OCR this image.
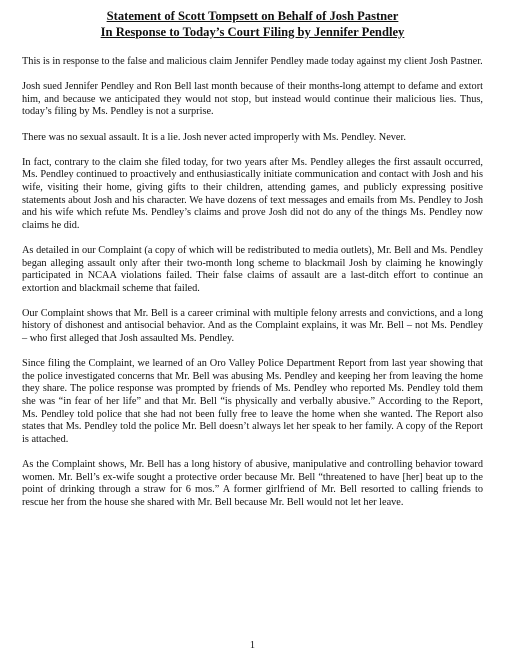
Statement of Scott Tompsett on Behalf of Josh Pastner
In Response to Today’s Court Filing by Jennifer Pendley

This is in response to the false and malicious claim Jennifer Pendley made today against my client Josh Pastner.

Josh sued Jennifer Pendley and Ron Bell last month because of their months-long attempt to defame and extort him, and because we anticipated they would not stop, but instead would continue their malicious lies. Thus, today’s filing by Ms. Pendley is not a surprise.

There was no sexual assault. It is a lie. Josh never acted improperly with Ms. Pendley. Never.

In fact, contrary to the claim she filed today, for two years after Ms. Pendley alleges the first assault occurred, Ms. Pendley continued to proactively and enthusiastically initiate communication and contact with Josh and his wife, visiting their home, giving gifts to their children, attending games, and publicly expressing positive statements about Josh and his character. We have dozens of text messages and emails from Ms. Pendley to Josh and his wife which refute Ms. Pendley’s claims and prove Josh did not do any of the things Ms. Pendley now claims he did.

As detailed in our Complaint (a copy of which will be redistributed to media outlets), Mr. Bell and Ms. Pendley began alleging assault only after their two-month long scheme to blackmail Josh by claiming he knowingly participated in NCAA violations failed. Their false claims of assault are a last-ditch effort to continue an extortion and blackmail scheme that failed.

Our Complaint shows that Mr. Bell is a career criminal with multiple felony arrests and convictions, and a long history of dishonest and antisocial behavior. And as the Complaint explains, it was Mr. Bell – not Ms. Pendley – who first alleged that Josh assaulted Ms. Pendley.

Since filing the Complaint, we learned of an Oro Valley Police Department Report from last year showing that the police investigated concerns that Mr. Bell was abusing Ms. Pendley and keeping her from leaving the home they share. The police response was prompted by friends of Ms. Pendley who reported Ms. Pendley told them she was “in fear of her life” and that Mr. Bell “is physically and verbally abusive.” According to the Report, Ms. Pendley told police that she had not been fully free to leave the home when she wanted. The Report also states that Ms. Pendley told the police Mr. Bell doesn’t always let her speak to her family. A copy of the Report is attached.

As the Complaint shows, Mr. Bell has a long history of abusive, manipulative and controlling behavior toward women. Mr. Bell’s ex-wife sought a protective order because Mr. Bell “threatened to have [her] beat up to the point of drinking through a straw for 6 mos.” A former girlfriend of Mr. Bell resorted to calling friends to rescue her from the house she shared with Mr. Bell because Mr. Bell would not let her leave.

1
